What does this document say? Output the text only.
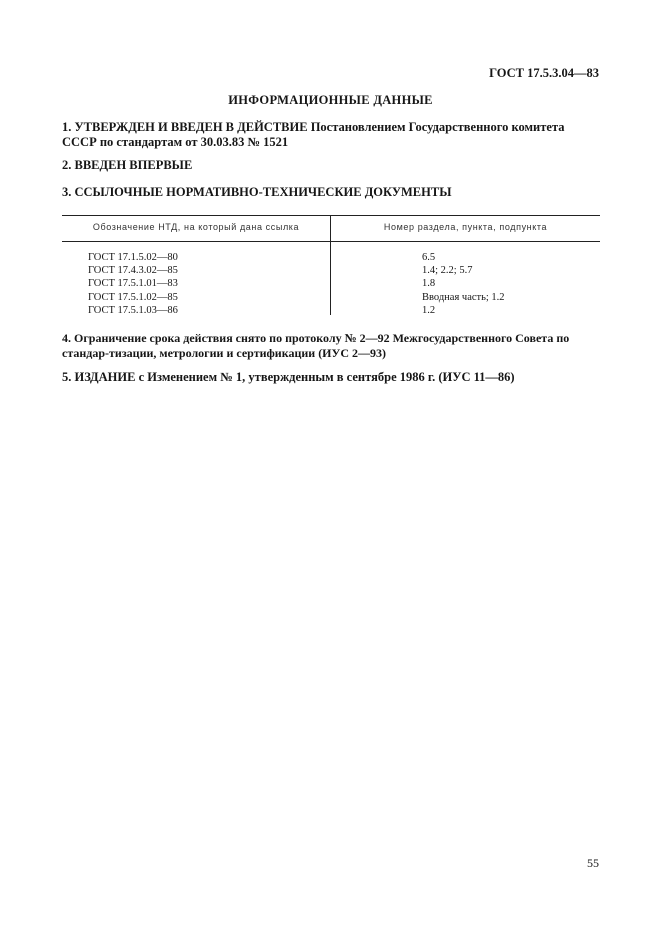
ГОСТ 17.5.3.04—83
ИНФОРМАЦИОННЫЕ ДАННЫЕ
1. УТВЕРЖДЕН И ВВЕДЕН В ДЕЙСТВИЕ Постановлением Государственного комитета СССР по стандартам от 30.03.83 № 1521
2. ВВЕДЕН ВПЕРВЫЕ
3. ССЫЛОЧНЫЕ НОРМАТИВНО-ТЕХНИЧЕСКИЕ ДОКУМЕНТЫ
Обозначение НТД, на который дана ссылка	Номер раздела, пункта, подпункта
ГОСТ 17.1.5.02—80
ГОСТ 17.4.3.02—85
ГОСТ 17.5.1.01—83
ГОСТ 17.5.1.02—85
ГОСТ 17.5.1.03—86
6.5
1.4; 2.2; 5.7
1.8
Вводная часть; 1.2
1.2
4. Ограничение срока действия снято по протоколу № 2—92 Межгосударственного Совета по стандар-тизации, метрологии и сертификации (ИУС 2—93)
5. ИЗДАНИЕ с Изменением № 1, утвержденным в сентябре 1986 г. (ИУС 11—86)
55
